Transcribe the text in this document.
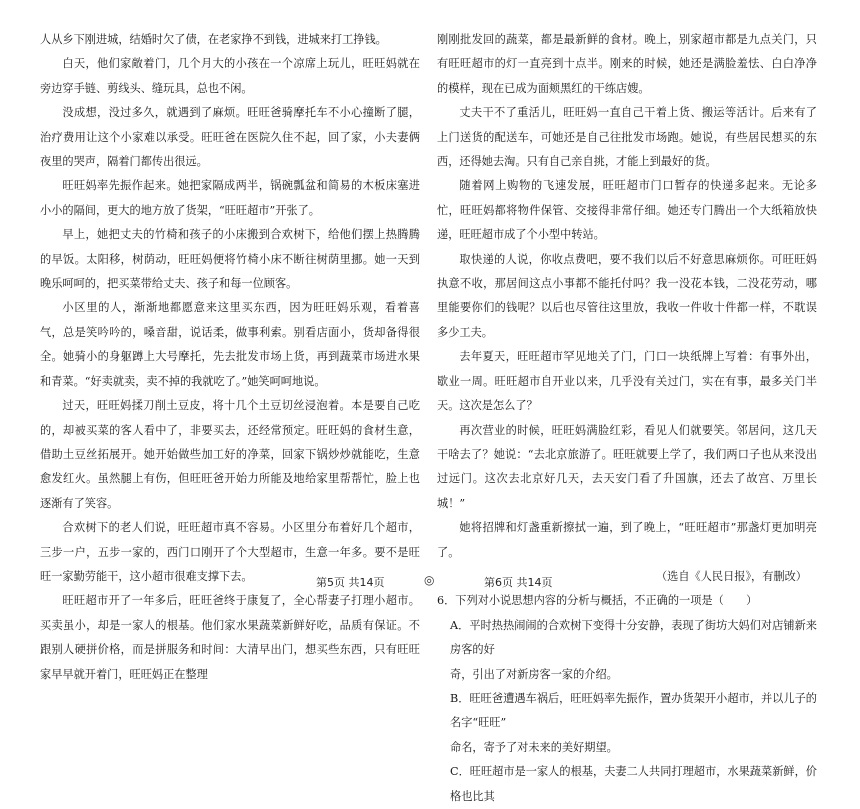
人从乡下刚进城，结婚时欠了债，在老家挣不到钱，进城来打工挣钱。

白天，他们家敞着门，几个月大的小孩在一个凉席上玩儿，旺旺妈就在旁边穿手链、剪线头、缝玩具，总也不闲。

没成想，没过多久，就遇到了麻烦。旺旺爸骑摩托车不小心撞断了腿，治疗费用让这个小家难以承受。旺旺爸在医院久住不起，回了家，小夫妻俩夜里的哭声，隔着门都传出很远。

旺旺妈率先振作起来。她把家隔成两半，锅碗瓢盆和简易的木板床塞进小小的隔间，更大的地方放了货架，“旺旺超市”开张了。

早上，她把丈夫的竹椅和孩子的小床搬到合欢树下，给他们摆上热腾腾的早饭。太阳移，树荫动，旺旺妈便将竹椅小床不断往树荫里挪。她一天到晚乐呵呵的，把买菜带给丈夫、孩子和每一位顾客。

小区里的人，渐渐地都愿意来这里买东西，因为旺旺妈乐观，看着喜气，总是笑吟吟的，嗓音甜，说话柔，做事利索。别看店面小，货却备得很全。她骑小的身躯蹲上大号摩托，先去批发市场上货，再到蔬菜市场进水果和青菜。“好卖就卖，卖不掉的我就吃了。”她笑呵呵地说。

过天，旺旺妈揉刀削土豆皮，将十几个土豆切丝浸泡着。本是要自己吃的，却被买菜的客人看中了，非要买去，还经常预定。旺旺妈的食材生意，借助土豆丝拓展开。她开始做些加工好的净菜，回家下锅炒炒就能吃，生意愈发红火。虽然腿上有伤，但旺旺爸开始力所能及地给家里帮帮忙，脸上也逐渐有了笑容。

合欢树下的老人们说，旺旺超市真不容易。小区里分布着好几个超市，三步一户，五步一家的，西门口刚开了个大型超市，生意一年多。要不是旺旺一家勤劳能干，这小超市很难支撑下去。

旺旺超市开了一年多后，旺旺爸终于康复了，全心帮妻子打理小超市。买卖虽小，却是一家人的根基。他们家水果蔬菜新鲜好吃，品质有保证。不跟别人硬拼价格，而是拼服务和时间：大清早出门，想买些东西，只有旺旺家早早就开着门，旺旺妈正在整理

刚刚批发回的蔬菜，都是最新鲜的食材。晚上，别家超市都是九点关门，只有旺旺超市的灯一直亮到十点半。刚来的时候，她还是满脸羞怯、白白净净的模样，现在已成为面颊黑红的干练店嫂。

丈夫干不了重活儿，旺旺妈一直自己干着上货、搬运等活计。后来有了上门送货的配送车，可她还是自己往批发市场跑。她说，有些居民想买的东西，还得她去淘。只有自己亲自挑，才能上到最好的货。

随着网上购物的飞速发展，旺旺超市门口暂存的快递多起来。无论多忙，旺旺妈都将物件保管、交接得非常仔细。她还专门腾出一个大纸箱放快递，旺旺超市成了个小型中转站。

取快递的人说，你收点费吧，要不我们以后不好意思麻烦你。可旺旺妈执意不收，那居间这点小事都不能托付吗？我一没花本钱，二没花劳动，哪里能要你们的钱呢？以后也尽管往这里放，我收一件收十件都一样，不耽误多少工夫。

去年夏天，旺旺超市罕见地关了门，门口一块纸牌上写着：有事外出，歇业一周。旺旺超市自开业以来，几乎没有关过门，实在有事，最多关门半天。这次是怎么了？

再次营业的时候，旺旺妈满脸红彩，看见人们就要笑。邻居问，这几天干啥去了？她说：“去北京旅游了。旺旺就要上学了，我们两口子也从来没出过远门。这次去北京好几天，去天安门看了升国旗，还去了故宫、万里长城！”

她将招牌和灯盏重新擦拭一遍，到了晚上，“旺旺超市”那盏灯更加明亮了。

（选自《人民日报》，有删改）

6．下列对小说思想内容的分析与概括，不正确的一项是（　　）

A．平时热热闹闹的合欢树下变得十分安静，表现了街坊大妈们对店铺新来房客的好
奇，引出了对新房客一家的介绍。

B．旺旺爸遭遇车祸后，旺旺妈率先振作，置办货架开小超市，并以儿子的名字“旺旺”
命名，寄予了对未来的美好期望。

C．旺旺超市是一家人的根基，夫妻二人共同打理超市，水果蔬菜新鲜，价格也比其

第5页 共14页	◎	第6页 共14页
